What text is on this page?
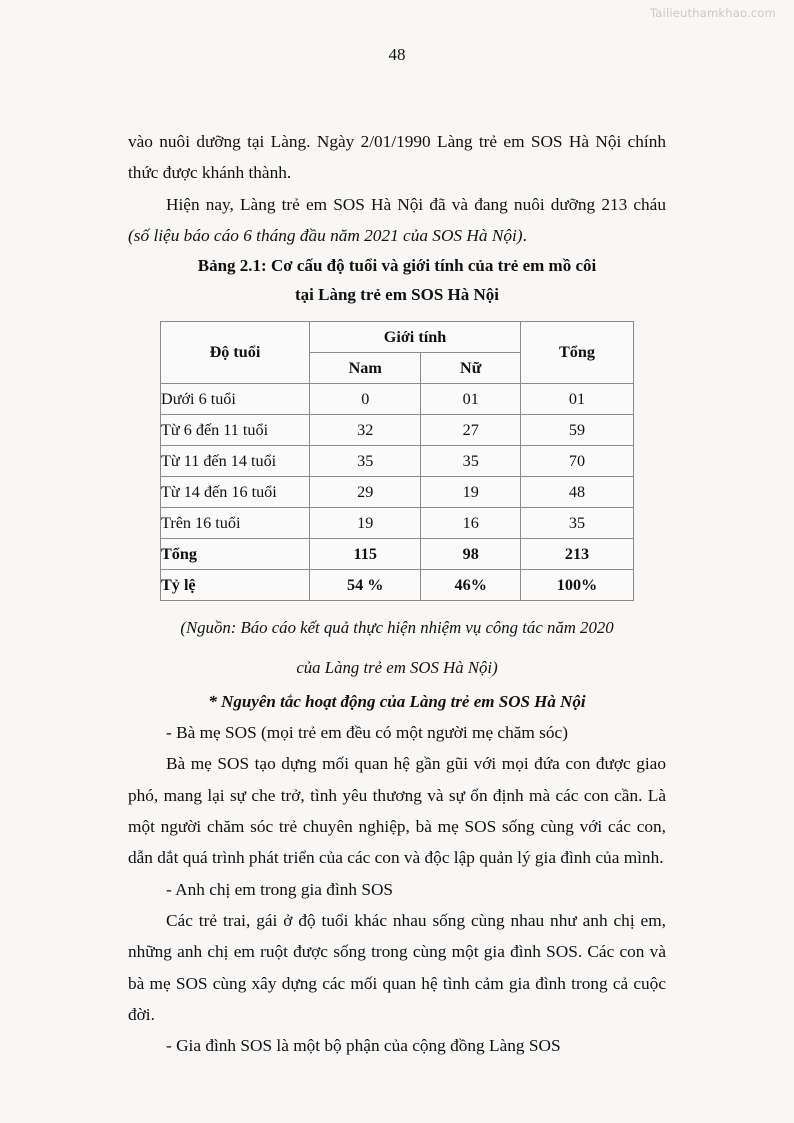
Tailieuthamkhao.com
48

vào nuôi dưỡng tại Làng. Ngày 2/01/1990 Làng trẻ em SOS Hà Nội chính thức được khánh thành.

Hiện nay, Làng trẻ em SOS Hà Nội đã và đang nuôi dưỡng 213 cháu (số liệu báo cáo 6 tháng đầu năm 2021 của SOS Hà Nội).

Bảng 2.1: Cơ cấu độ tuổi và giới tính của trẻ em mồ côi

tại Làng trẻ em SOS Hà Nội

Độ tuổi	Giới tính		Tổng
	Nam	Nữ	
Dưới 6 tuổi	0	01	01
Từ 6 đến 11 tuổi	32	27	59
Từ 11 đến 14 tuổi	35	35	70
Từ 14 đến 16 tuổi	29	19	48
Trên 16 tuổi	19	16	35
Tổng	115	98	213
Tỷ lệ	54 %	46%	100%

(Nguồn: Báo cáo kết quả thực hiện nhiệm vụ công tác năm 2020

của Làng trẻ em SOS Hà Nội)

* Nguyên tắc hoạt động của Làng trẻ em SOS Hà Nội

- Bà mẹ SOS (mọi trẻ em đều có một người mẹ chăm sóc)

Bà mẹ SOS tạo dựng mối quan hệ gần gũi với mọi đứa con được giao phó, mang lại sự che trở, tình yêu thương và sự ổn định mà các con cần. Là một người chăm sóc trẻ chuyên nghiệp, bà mẹ SOS sống cùng với các con, dẫn dắt quá trình phát triển của các con và độc lập quản lý gia đình của mình.

- Anh chị em trong gia đình SOS

Các trẻ trai, gái ở độ tuổi khác nhau sống cùng nhau như anh chị em, những anh chị em ruột được sống trong cùng một gia đình SOS. Các con và bà mẹ SOS cùng xây dựng các mối quan hệ tình cảm gia đình trong cả cuộc đời.

- Gia đình SOS là một bộ phận của cộng đồng Làng SOS
